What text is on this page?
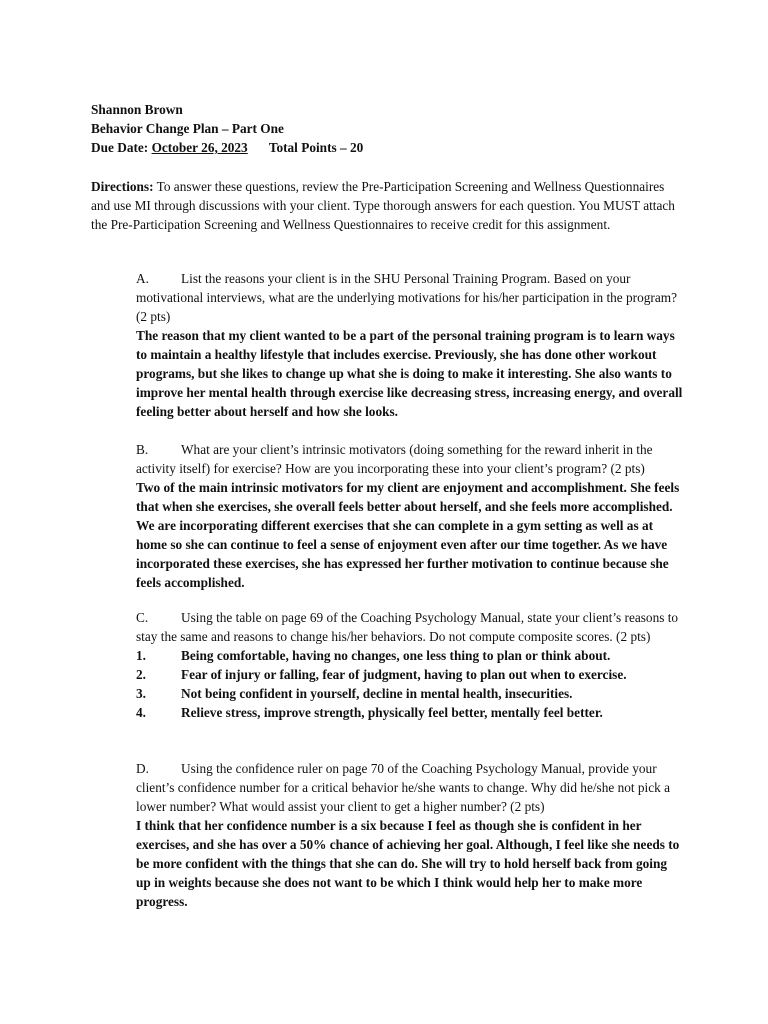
Shannon Brown
Behavior Change Plan – Part One
Due Date: October 26, 2023 Total Points – 20
Directions: To answer these questions, review the Pre-Participation Screening and Wellness Questionnaires and use MI through discussions with your client. Type thorough answers for each question. You MUST attach the Pre-Participation Screening and Wellness Questionnaires to receive credit for this assignment.
A. List the reasons your client is in the SHU Personal Training Program. Based on your motivational interviews, what are the underlying motivations for his/her participation in the program? (2 pts)
The reason that my client wanted to be a part of the personal training program is to learn ways to maintain a healthy lifestyle that includes exercise. Previously, she has done other workout programs, but she likes to change up what she is doing to make it interesting. She also wants to improve her mental health through exercise like decreasing stress, increasing energy, and overall feeling better about herself and how she looks.
B. What are your client’s intrinsic motivators (doing something for the reward inherit in the activity itself) for exercise? How are you incorporating these into your client’s program? (2 pts)
Two of the main intrinsic motivators for my client are enjoyment and accomplishment. She feels that when she exercises, she overall feels better about herself, and she feels more accomplished. We are incorporating different exercises that she can complete in a gym setting as well as at home so she can continue to feel a sense of enjoyment even after our time together. As we have incorporated these exercises, she has expressed her further motivation to continue because she feels accomplished.
C. Using the table on page 69 of the Coaching Psychology Manual, state your client’s reasons to stay the same and reasons to change his/her behaviors. Do not compute composite scores. (2 pts)
1.	Being comfortable, having no changes, one less thing to plan or think about.
2.	Fear of injury or falling, fear of judgment, having to plan out when to exercise.
3.	Not being confident in yourself, decline in mental health, insecurities.
4.	Relieve stress, improve strength, physically feel better, mentally feel better.
D. Using the confidence ruler on page 70 of the Coaching Psychology Manual, provide your client’s confidence number for a critical behavior he/she wants to change. Why did he/she not pick a lower number? What would assist your client to get a higher number? (2 pts)
I think that her confidence number is a six because I feel as though she is confident in her exercises, and she has over a 50% chance of achieving her goal. Although, I feel like she needs to be more confident with the things that she can do. She will try to hold herself back from going up in weights because she does not want to be which I think would help her to make more progress.
